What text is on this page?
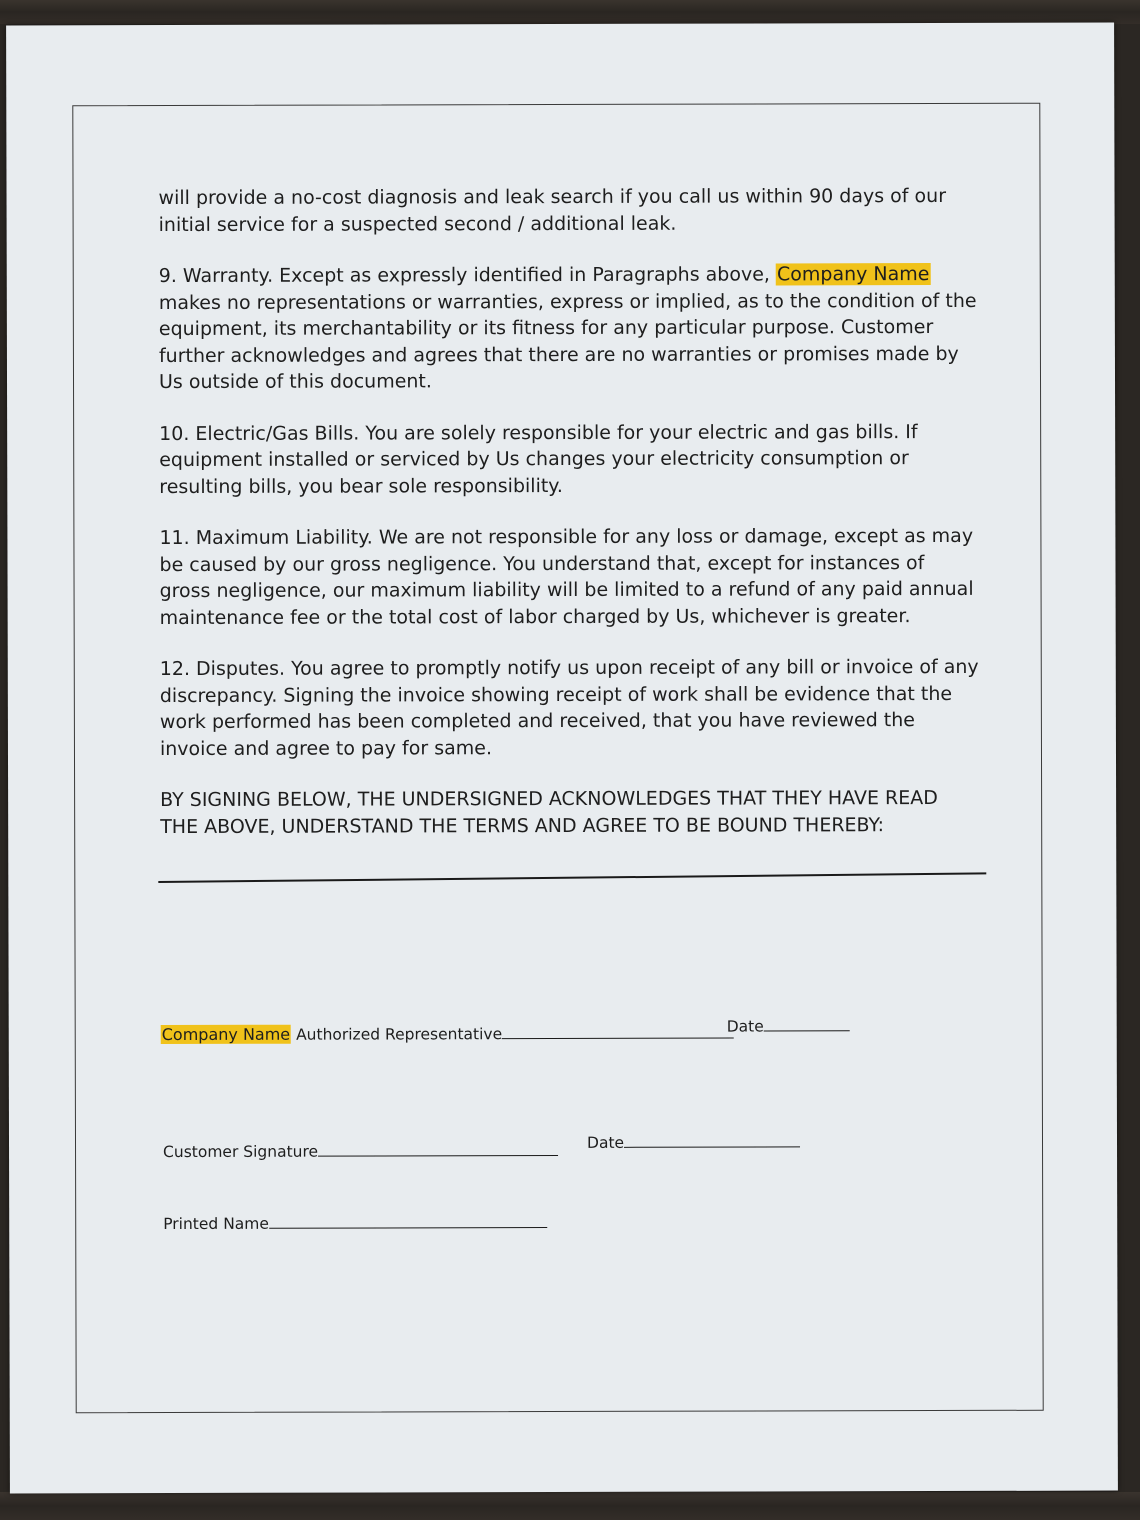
will provide a no-cost diagnosis and leak search if you call us within 90 days of our initial service for a suspected second / additional leak.

9. Warranty. Except as expressly identified in Paragraphs above, Company Name makes no representations or warranties, express or implied, as to the condition of the equipment, its merchantability or its fitness for any particular purpose. Customer further acknowledges and agrees that there are no warranties or promises made by Us outside of this document.

10. Electric/Gas Bills. You are solely responsible for your electric and gas bills. If equipment installed or serviced by Us changes your electricity consumption or resulting bills, you bear sole responsibility.

11. Maximum Liability. We are not responsible for any loss or damage, except as may be caused by our gross negligence. You understand that, except for instances of gross negligence, our maximum liability will be limited to a refund of any paid annual maintenance fee or the total cost of labor charged by Us, whichever is greater.

12. Disputes. You agree to promptly notify us upon receipt of any bill or invoice of any discrepancy. Signing the invoice showing receipt of work shall be evidence that the work performed has been completed and received, that you have reviewed the invoice and agree to pay for same.

BY SIGNING BELOW, THE UNDERSIGNED ACKNOWLEDGES THAT THEY HAVE READ THE ABOVE, UNDERSTAND THE TERMS AND AGREE TO BE BOUND THEREBY:

Company Name Authorized Representative	Date
Customer Signature	Date
Printed Name
